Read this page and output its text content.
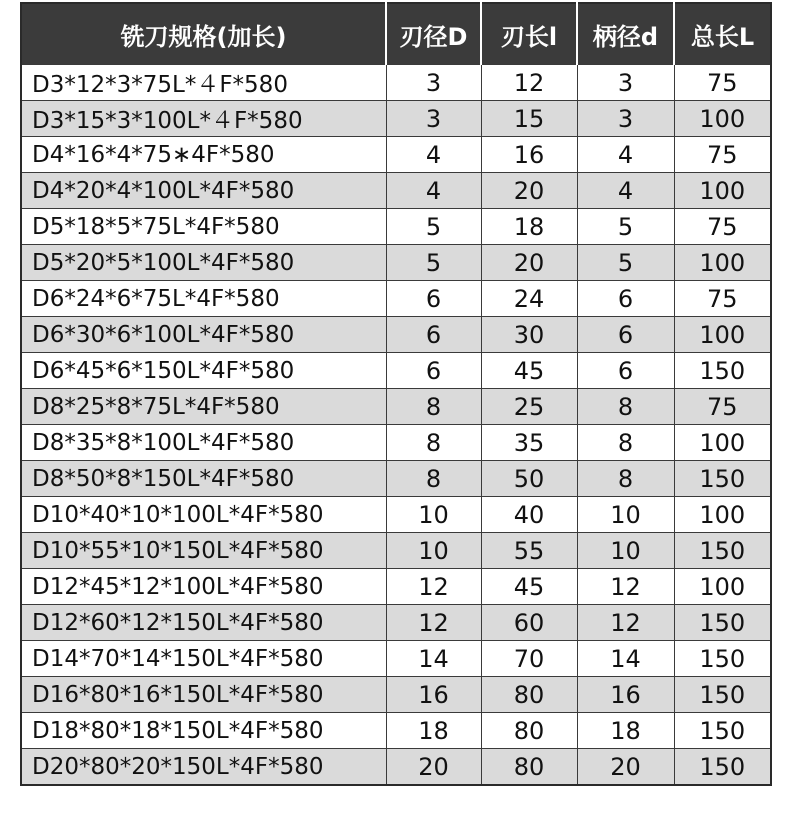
铣刀规格(加长)	刃径D	刃长l	柄径d	总长L
D3*12*3*75L*４F*580	3	12	3	75
D3*15*3*100L*４F*580	3	15	3	100
D4*16*4*75∗4F*580	4	16	4	75
D4*20*4*100L*4F*580	4	20	4	100
D5*18*5*75L*4F*580	5	18	5	75
D5*20*5*100L*4F*580	5	20	5	100
D6*24*6*75L*4F*580	6	24	6	75
D6*30*6*100L*4F*580	6	30	6	100
D6*45*6*150L*4F*580	6	45	6	150
D8*25*8*75L*4F*580	8	25	8	75
D8*35*8*100L*4F*580	8	35	8	100
D8*50*8*150L*4F*580	8	50	8	150
D10*40*10*100L*4F*580	10	40	10	100
D10*55*10*150L*4F*580	10	55	10	150
D12*45*12*100L*4F*580	12	45	12	100
D12*60*12*150L*4F*580	12	60	12	150
D14*70*14*150L*4F*580	14	70	14	150
D16*80*16*150L*4F*580	16	80	16	150
D18*80*18*150L*4F*580	18	80	18	150
D20*80*20*150L*4F*580	20	80	20	150
